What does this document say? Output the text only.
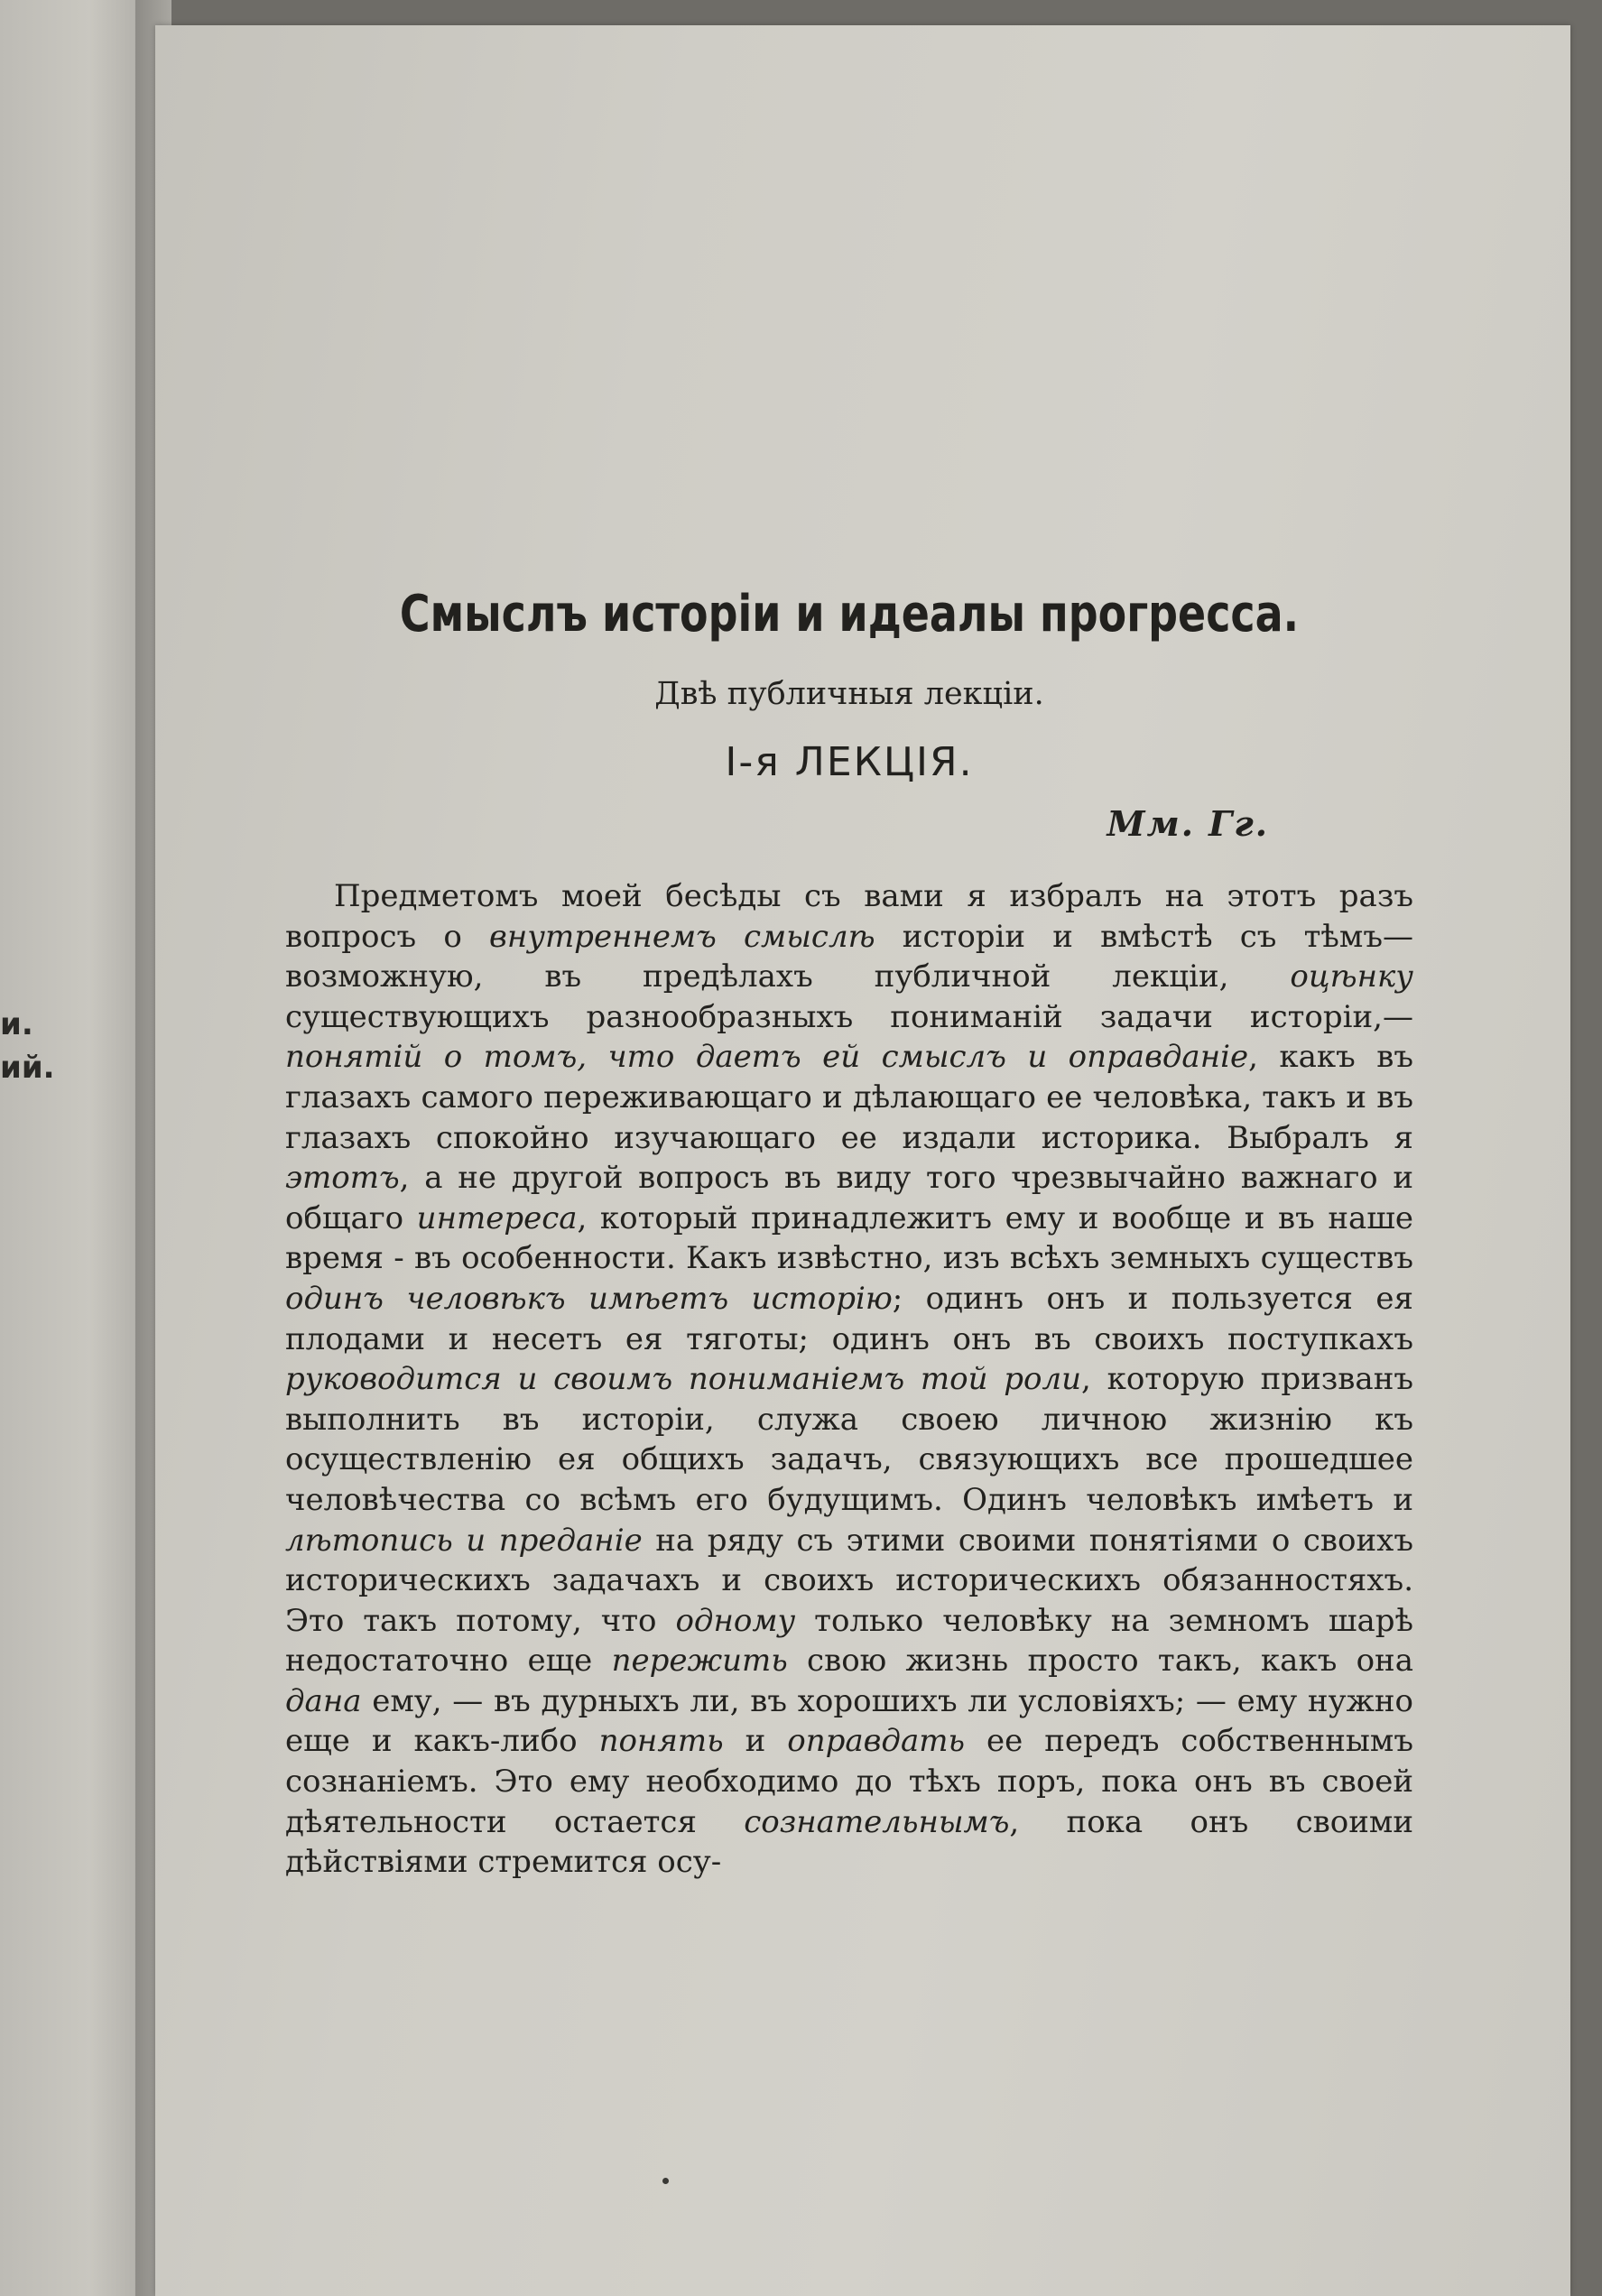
и.
ий.
Смыслъ исторіи и идеалы прогресса.
Двѣ публичныя лекціи.
І-я ЛЕКЦІЯ.
Мм. Гг.

Предметомъ моей бесѣды съ вами я избралъ на этотъ разъ вопросъ о внутреннемъ смыслѣ исторіи и вмѣстѣ съ тѣмъ—возможную, въ предѣлахъ публичной лекціи, оцѣнку существующихъ разнообразныхъ пониманій задачи исторіи,— понятій о томъ, что даетъ ей смыслъ и оправданіе, какъ въ глазахъ самого переживающаго и дѣлающаго ее человѣка, такъ и въ глазахъ спокойно изучающаго ее издали историка. Выбралъ я этотъ, а не другой вопросъ въ виду того чрезвычайно важнаго и общаго интереса, который принадлежитъ ему и вообще и въ наше время - въ особенности. Какъ извѣстно, изъ всѣхъ земныхъ существъ одинъ человѣкъ имѣетъ исторію; одинъ онъ и пользуется ея плодами и несетъ ея тяготы; одинъ онъ въ своихъ поступкахъ руководится и своимъ пониманіемъ той роли, которую призванъ выполнить въ исторіи, служа своею личною жизнію къ осуществленію ея общихъ задачъ, связующихъ все прошедшее человѣчества со всѣмъ его будущимъ. Одинъ человѣкъ имѣетъ и лѣтопись и преданіе на ряду съ этими своими понятіями о своихъ историческихъ задачахъ и своихъ историческихъ обязанностяхъ. Это такъ потому, что одному только человѣку на земномъ шарѣ недостаточно еще пережить свою жизнь просто такъ, какъ она дана ему, — въ дурныхъ ли, въ хорошихъ ли условіяхъ; — ему нужно еще и какъ-либо понять и оправдать ее передъ собственнымъ сознаніемъ. Это ему необходимо до тѣхъ поръ, пока онъ въ своей дѣятельности остается сознательнымъ, пока онъ своими дѣйствіями стремится осу-
